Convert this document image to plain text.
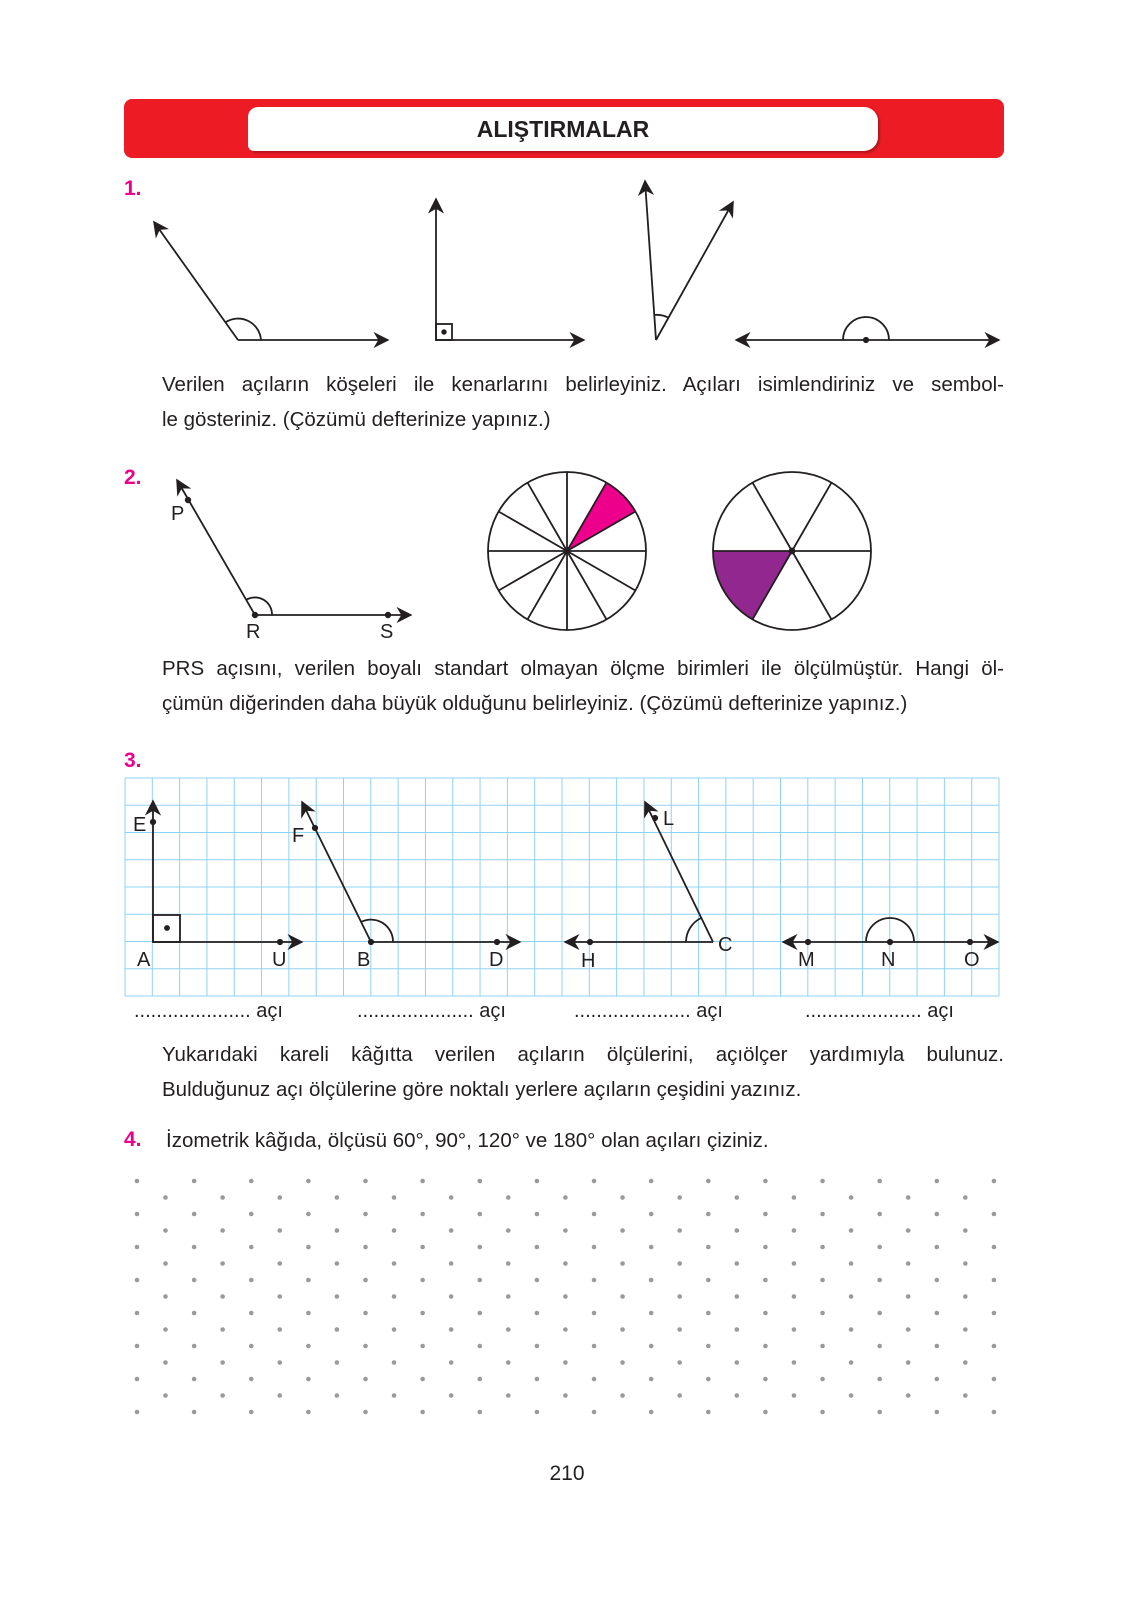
ALIŞTIRMALAR
1.
Verilen açıların köşeleri ile kenarlarını belirleyiniz. Açıları isimlendiriniz ve sembol-
le gösteriniz. (Çözümü defterinize yapınız.)
2.
P
R	S
PRS açısını, verilen boyalı standart olmayan ölçme birimleri ile ölçülmüştür. Hangi öl-
çümün diğerinden daha büyük olduğunu belirleyiniz. (Çözümü defterinize yapınız.)
3.
E
A	U
F
B	D
L
H
C
M	N	O
..................... açı	..................... açı	..................... açı	..................... açı
Yukarıdaki kareli kâğıtta verilen açıların ölçülerini, açıölçer yardımıyla bulunuz.
Bulduğunuz açı ölçülerine göre noktalı yerlere açıların çeşidini yazınız.
4. İzometrik kâğıda, ölçüsü 60°, 90°, 120° ve 180° olan açıları çiziniz.
210
